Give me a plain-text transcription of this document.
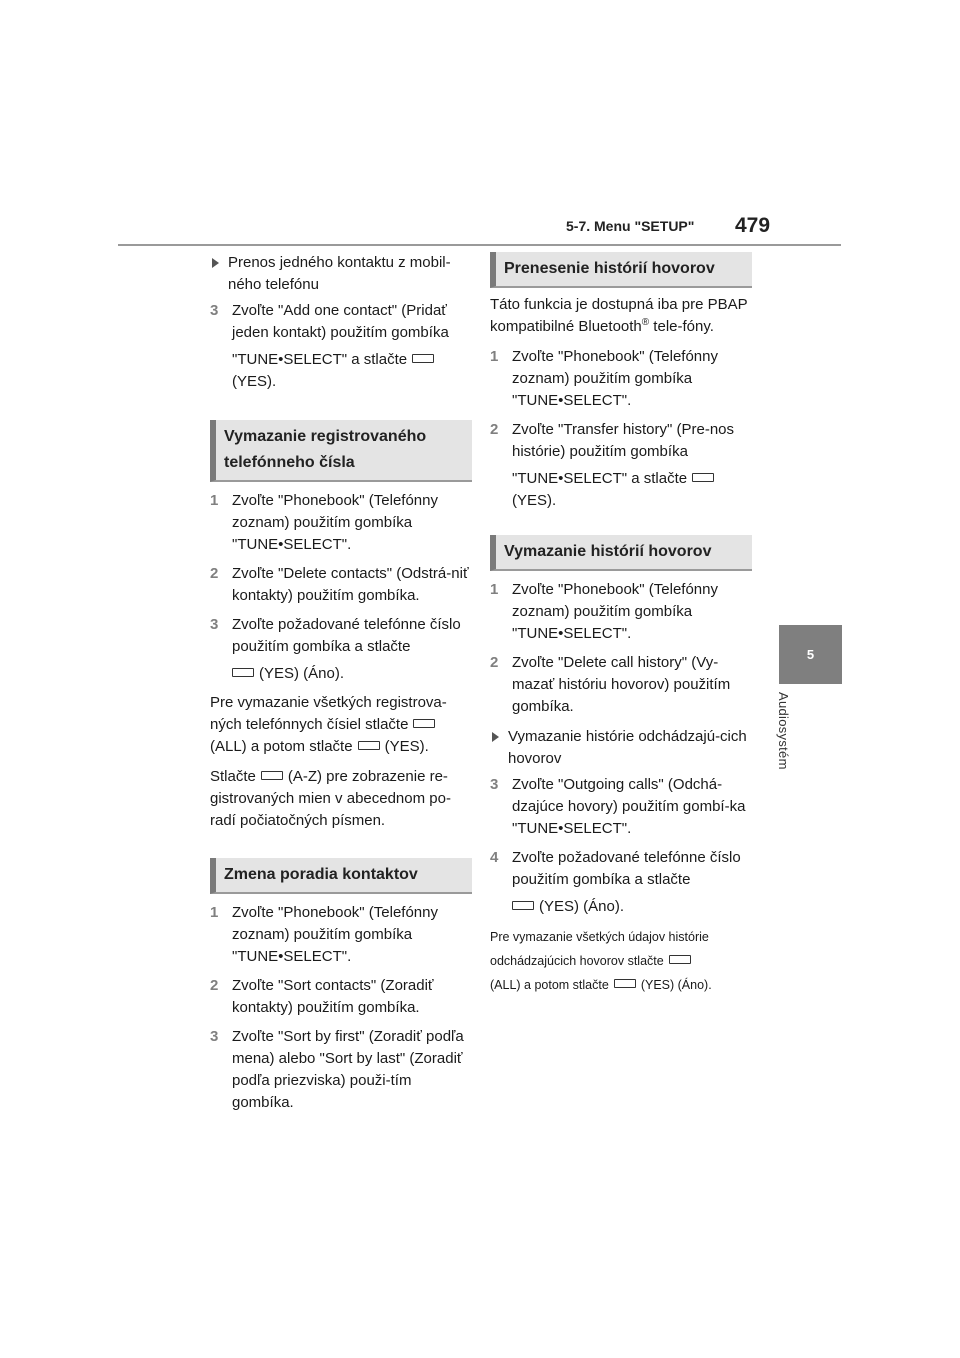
5-7. Menu "SETUP" 479
5
Audiosystém
Prenos jedného kontaktu z mobil-ného telefónu
3 Zvoľte "Add one contact" (Pridať jeden kontakt) použitím gombíka
"TUNE•SELECT" a stlačte
(YES).
Vymazanie registrovaného telefónneho čísla
1 Zvoľte "Phonebook" (Telefónny zoznam) použitím gombíka "TUNE•SELECT".
2 Zvoľte "Delete contacts" (Odstrá-niť kontakty) použitím gombíka.
3 Zvoľte požadované telefónne číslo použitím gombíka a stlačte
(YES) (Áno).

Pre vymazanie všetkých registrova-
ných telefónnych čísiel stlačte
(ALL) a potom stlačte (YES).

Stlačte (A-Z) pre zobrazenie re-gistrovaných mien v abecednom po-radí počiatočných písmen.

Zmena poradia kontaktov
1 Zvoľte "Phonebook" (Telefónny zoznam) použitím gombíka "TUNE•SELECT".
2 Zvoľte "Sort contacts" (Zoradiť kontakty) použitím gombíka.
3 Zvoľte "Sort by first" (Zoradiť podľa mena) alebo "Sort by last" (Zoradiť podľa priezviska) použi-tím gombíka.
Prenesenie histórií hovorov

Táto funkcia je dostupná iba pre PBAP kompatibilné Bluetooth® tele-fóny.

1 Zvoľte "Phonebook" (Telefónny zoznam) použitím gombíka "TUNE•SELECT".
2 Zvoľte "Transfer history" (Pre-nos histórie) použitím gombíka
"TUNE•SELECT" a stlačte
(YES).
Vymazanie histórií hovorov
1 Zvoľte "Phonebook" (Telefónny zoznam) použitím gombíka "TUNE•SELECT".
2 Zvoľte "Delete call history" (Vy-mazať históriu hovorov) použitím gombíka.
Vymazanie histórie odchádzajú-cich hovorov
3 Zvoľte "Outgoing calls" (Odchá-dzajúce hovory) použitím gombí-ka "TUNE•SELECT".
4 Zvoľte požadované telefónne číslo použitím gombíka a stlačte
(YES) (Áno).

Pre vymazanie všetkých údajov histórie
odchádzajúcich hovorov stlačte
(ALL) a potom stlačte	(YES) (Áno).
